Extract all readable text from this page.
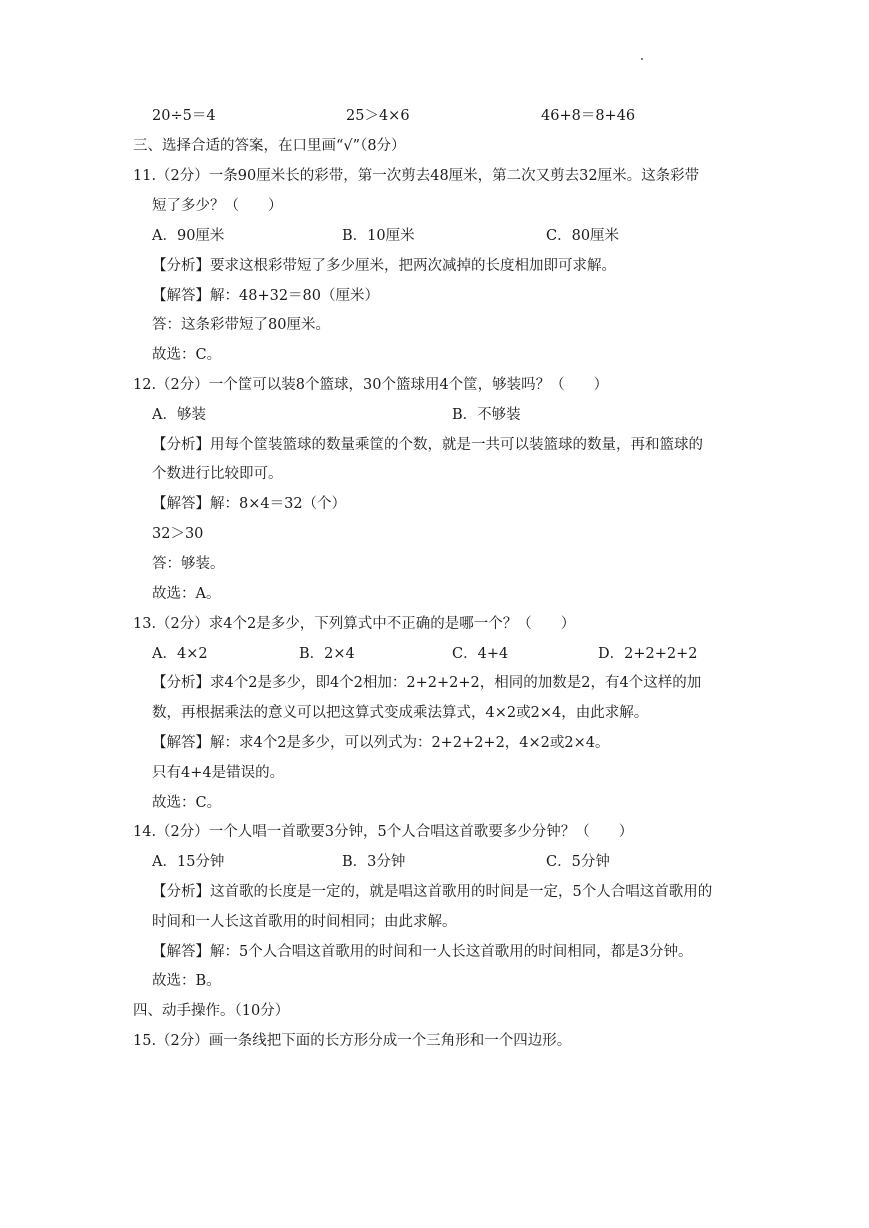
20÷5＝4	25＞4×6	46+8＝8+46
三、选择合适的答案，在口里画“√”（8分）
11.（2分）一条90厘米长的彩带，第一次剪去48厘米，第二次又剪去32厘米。这条彩带
短了多少？（　　）
A．90厘米	B．10厘米	C．80厘米
【分析】要求这根彩带短了多少厘米，把两次减掉的长度相加即可求解。
【解答】解：48+32＝80（厘米）
答：这条彩带短了80厘米。
故选：C。
12.（2分）一个筐可以装8个篮球，30个篮球用4个筐，够装吗？（　　）
A．够装	B．不够装
【分析】用每个筐装篮球的数量乘筐的个数，就是一共可以装篮球的数量，再和篮球的
个数进行比较即可。
【解答】解：8×4＝32（个）
32＞30
答：够装。
故选：A。
13.（2分）求4个2是多少，下列算式中不正确的是哪一个？（　　）
A．4×2	B．2×4	C．4+4	D．2+2+2+2
【分析】求4个2是多少，即4个2相加：2+2+2+2，相同的加数是2，有4个这样的加
数，再根据乘法的意义可以把这算式变成乘法算式，4×2或2×4，由此求解。
【解答】解：求4个2是多少，可以列式为：2+2+2+2，4×2或2×4。
只有4+4是错误的。
故选：C。
14.（2分）一个人唱一首歌要3分钟，5个人合唱这首歌要多少分钟？（　　）
A．15分钟	B．3分钟	C．5分钟
【分析】这首歌的长度是一定的，就是唱这首歌用的时间是一定，5个人合唱这首歌用的
时间和一人长这首歌用的时间相同；由此求解。
【解答】解：5个人合唱这首歌用的时间和一人长这首歌用的时间相同，都是3分钟。
故选：B。
四、动手操作。（10分）
15.（2分）画一条线把下面的长方形分成一个三角形和一个四边形。
